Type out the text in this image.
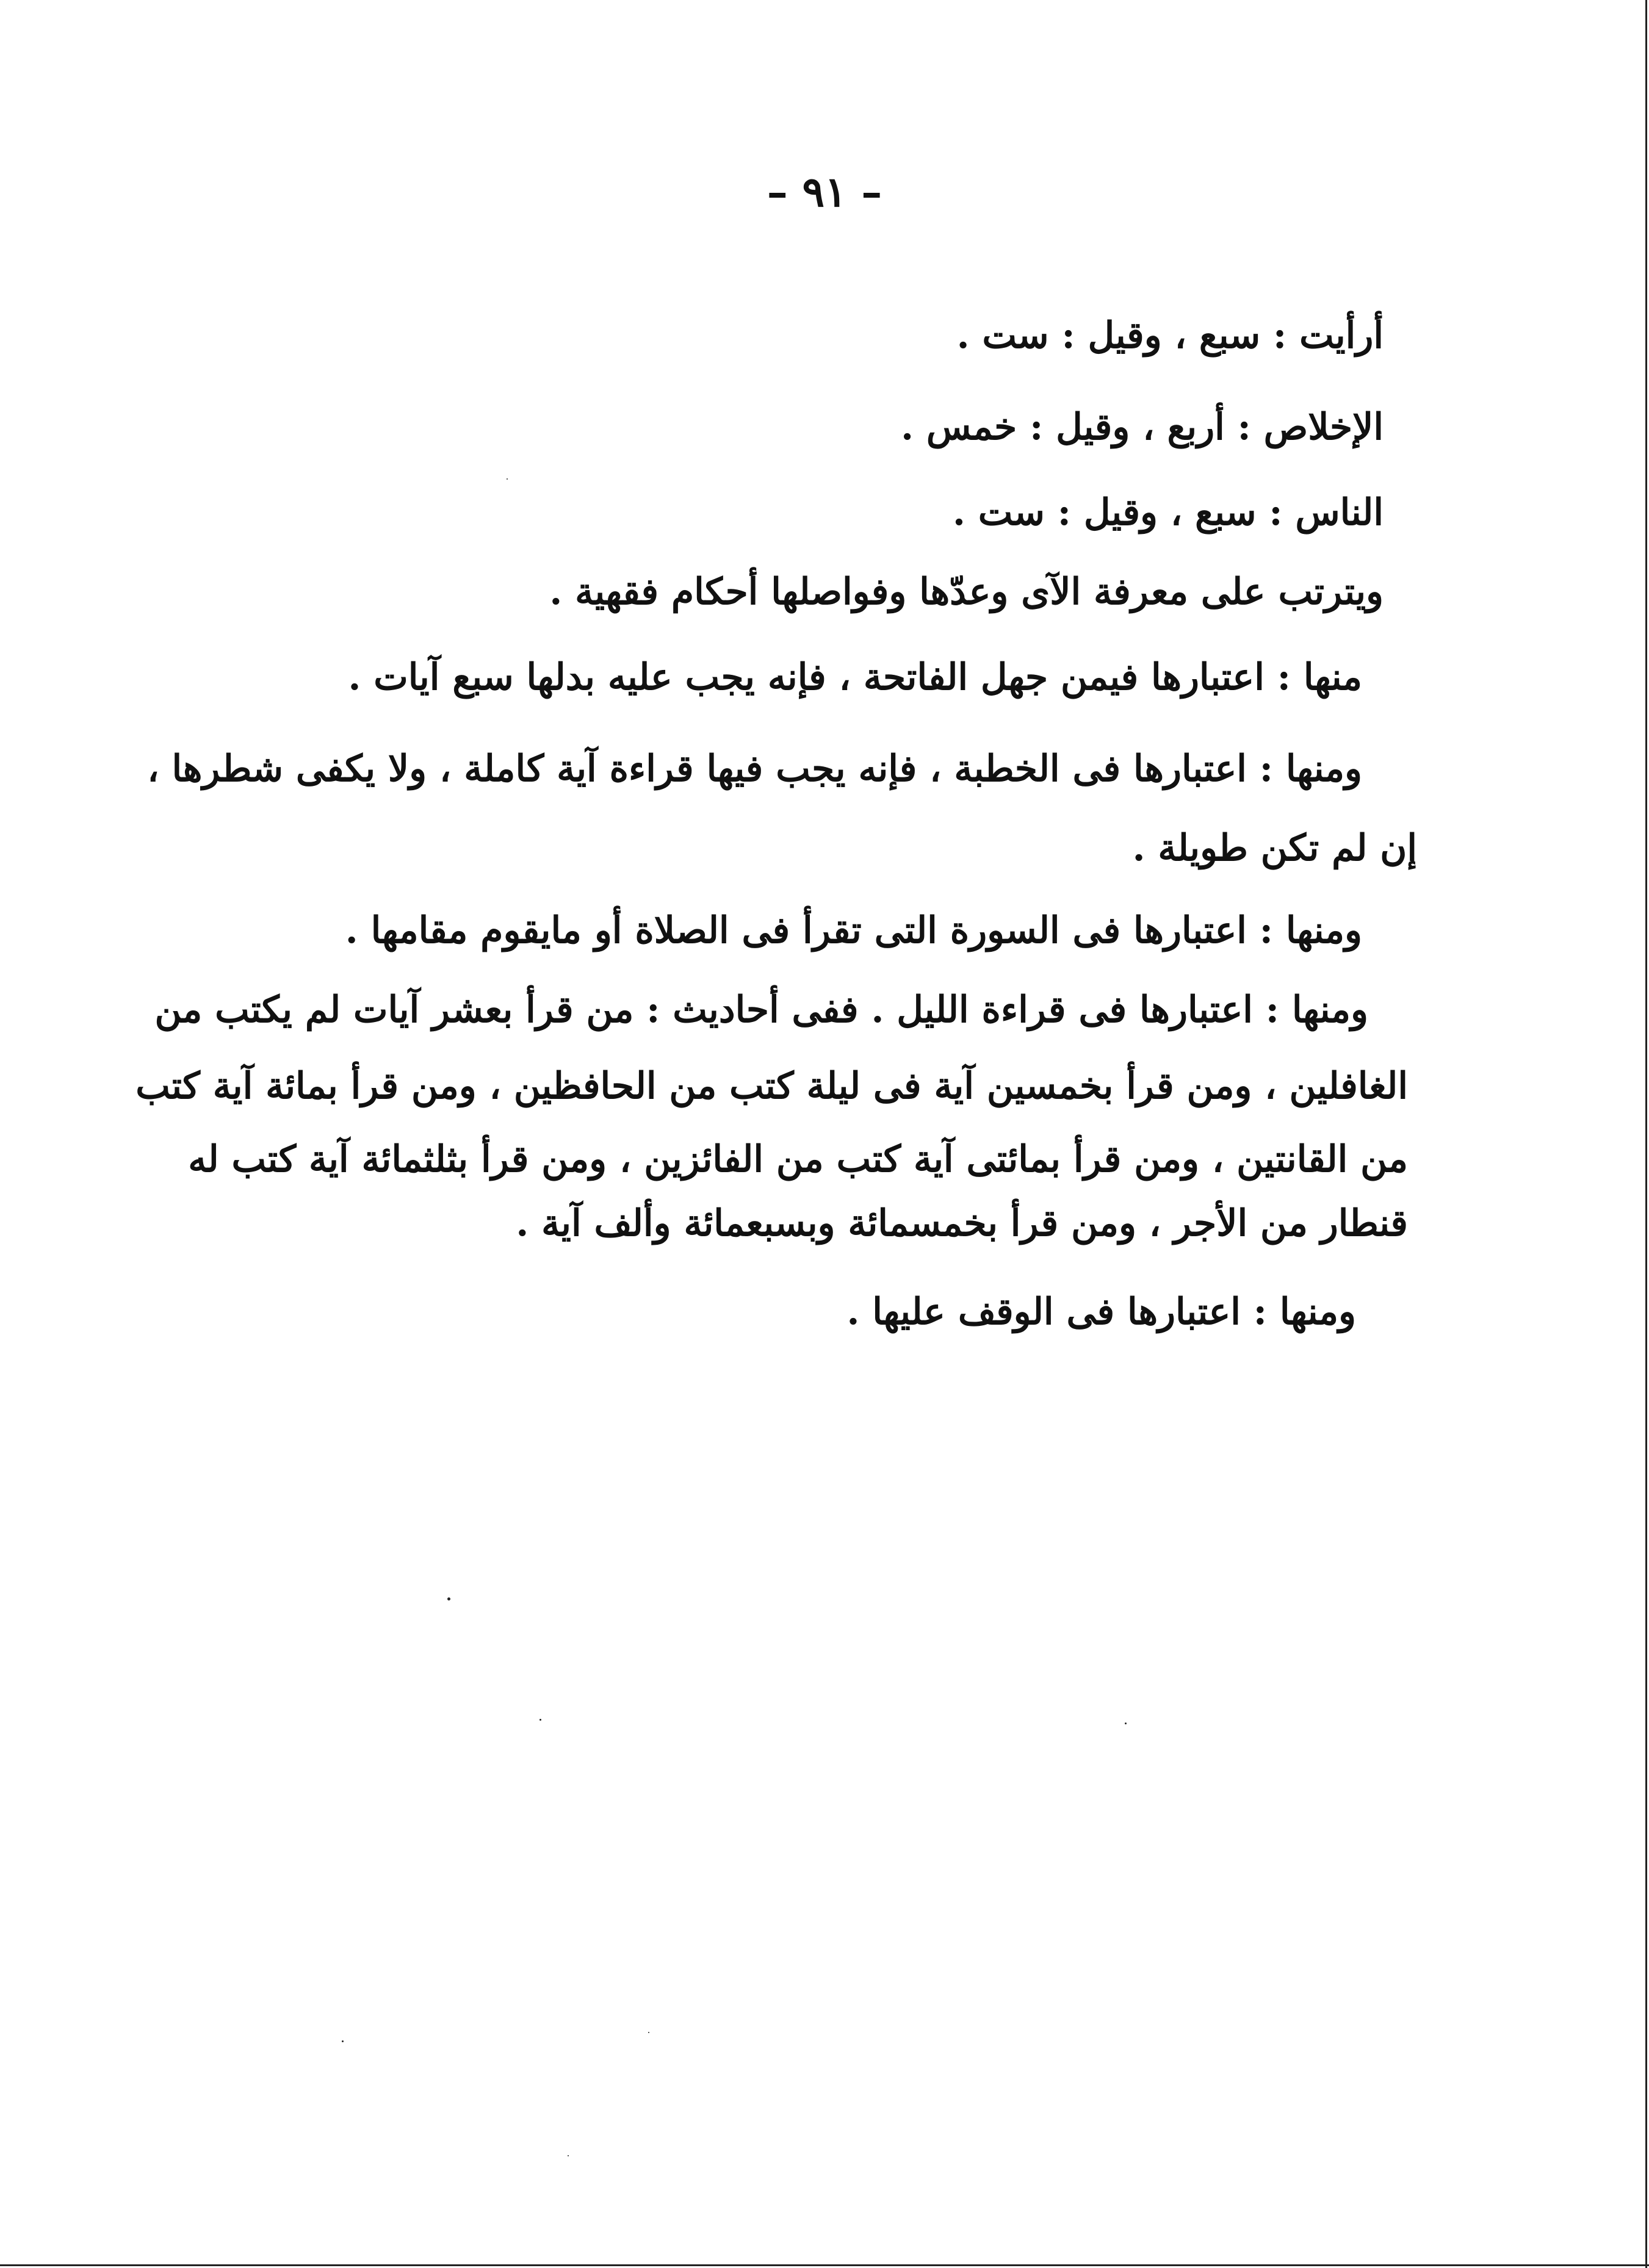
– ٩١ –
أرأيت : سبع ، وقيل : ست .
الإخلاص : أربع ، وقيل : خمس .
الناس : سبع ، وقيل : ست .
ويترتب على معرفة الآى وعدّها وفواصلها أحكام فقهية .
منها : اعتبارها فيمن جهل الفاتحة ، فإنه يجب عليه بدلها سبع آيات .
ومنها : اعتبارها فى الخطبة ، فإنه يجب فيها قراءة آية كاملة ، ولا يكفى شطرها ،
إن لم تكن طويلة .
ومنها : اعتبارها فى السورة التى تقرأ فى الصلاة أو مايقوم مقامها .
ومنها : اعتبارها فى قراءة الليل . ففى أحاديث : من قرأ بعشر آيات لم يكتب من
الغافلين ، ومن قرأ بخمسين آية فى ليلة كتب من الحافظين ، ومن قرأ بمائة آية كتب
من القانتين ، ومن قرأ بمائتى آية كتب من الفائزين ، ومن قرأ بثلثمائة آية كتب له
قنطار من الأجر ، ومن قرأ بخمسمائة وبسبعمائة وألف آية .
ومنها : اعتبارها فى الوقف عليها .
